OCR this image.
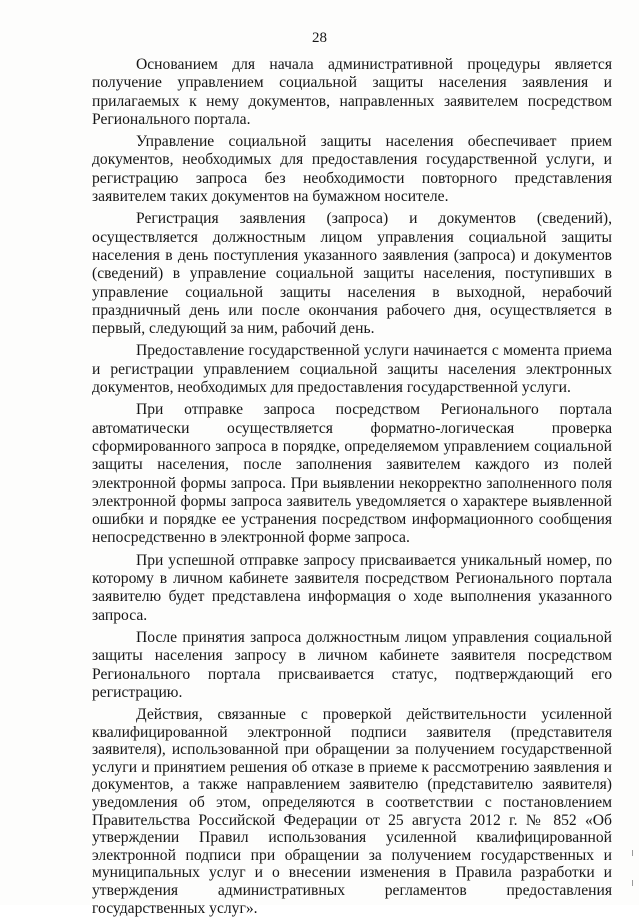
28

Основанием для начала административной процедуры является получение управлением социальной защиты населения заявления и прилагаемых к нему документов, направленных заявителем посредством Регионального портала.

Управление социальной защиты населения обеспечивает прием документов, необходимых для предоставления государственной услуги, и регистрацию запроса без необходимости повторного представления заявителем таких документов на бумажном носителе.

Регистрация заявления (запроса) и документов (сведений), осуществляется должностным лицом управления социальной защиты населения в день поступления указанного заявления (запроса) и документов (сведений) в управление социальной защиты населения, поступивших в управление социальной защиты населения в выходной, нерабочий праздничный день или после окончания рабочего дня, осуществляется в первый, следующий за ним, рабочий день.

Предоставление государственной услуги начинается с момента приема и регистрации управлением социальной защиты населения электронных документов, необходимых для предоставления государственной услуги.

При отправке запроса посредством Регионального портала автоматически осуществляется форматно-логическая проверка сформированного запроса в порядке, определяемом управлением социальной защиты населения, после заполнения заявителем каждого из полей электронной формы запроса. При выявлении некорректно заполненного поля электронной формы запроса заявитель уведомляется о характере выявленной ошибки и порядке ее устранения посредством информационного сообщения непосредственно в электронной форме запроса.

При успешной отправке запросу присваивается уникальный номер, по которому в личном кабинете заявителя посредством Регионального портала заявителю будет представлена информация о ходе выполнения указанного запроса.

После принятия запроса должностным лицом управления социальной защиты населения запросу в личном кабинете заявителя посредством Регионального портала присваивается статус, подтверждающий его регистрацию.

Действия, связанные с проверкой действительности усиленной квалифицированной электронной подписи заявителя (представителя заявителя), использованной при обращении за получением государственной услуги и принятием решения об отказе в приеме к рассмотрению заявления и документов, а также направлением заявителю (представителю заявителя) уведомления об этом, определяются в соответствии с постановлением Правительства Российской Федерации от 25 августа 2012 г. № 852 «Об утверждении Правил использования усиленной квалифицированной электронной подписи при обращении за получением государственных и муниципальных услуг и о внесении изменения в Правила разработки и утверждения административных регламентов предоставления государственных услуг».
